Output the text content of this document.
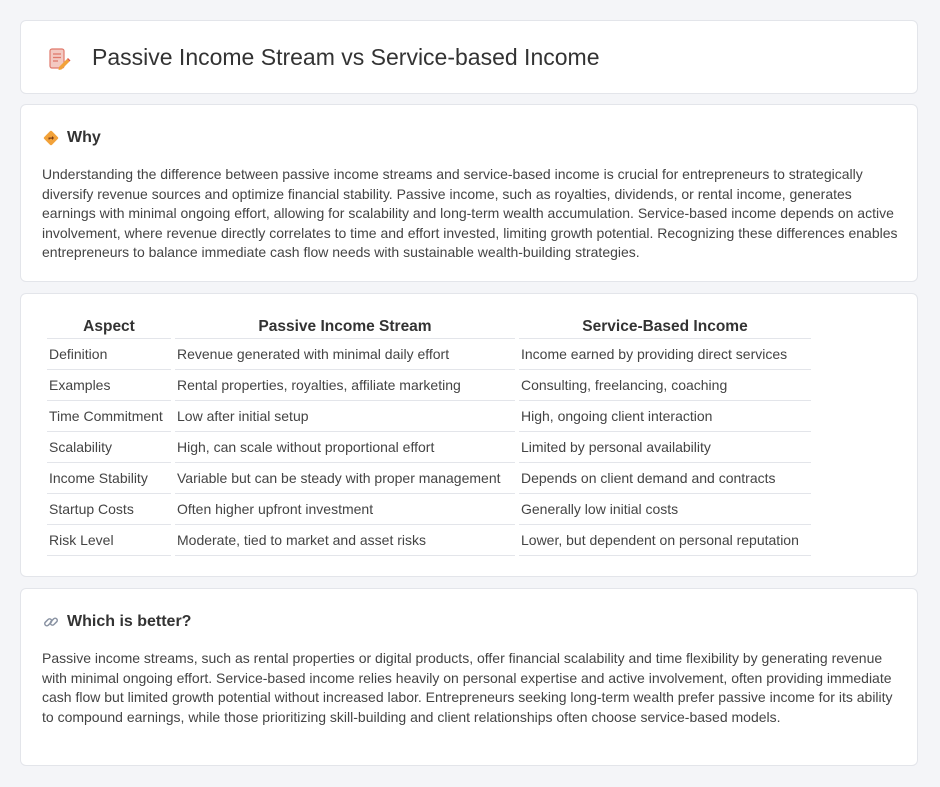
Passive Income Stream vs Service-based Income
Why

Understanding the difference between passive income streams and service-based income is crucial for entrepreneurs to strategically diversify revenue sources and optimize financial stability. Passive income, such as royalties, dividends, or rental income, generates earnings with minimal ongoing effort, allowing for scalability and long-term wealth accumulation. Service-based income depends on active involvement, where revenue directly correlates to time and effort invested, limiting growth potential. Recognizing these differences enables entrepreneurs to balance immediate cash flow needs with sustainable wealth-building strategies.

Aspect	Passive Income Stream	Service-Based Income
Definition	Revenue generated with minimal daily effort	Income earned by providing direct services
Examples	Rental properties, royalties, affiliate marketing	Consulting, freelancing, coaching
Time Commitment	Low after initial setup	High, ongoing client interaction
Scalability	High, can scale without proportional effort	Limited by personal availability
Income Stability	Variable but can be steady with proper management	Depends on client demand and contracts
Startup Costs	Often higher upfront investment	Generally low initial costs
Risk Level	Moderate, tied to market and asset risks	Lower, but dependent on personal reputation
Which is better?

Passive income streams, such as rental properties or digital products, offer financial scalability and time flexibility by generating revenue with minimal ongoing effort. Service-based income relies heavily on personal expertise and active involvement, often providing immediate cash flow but limited growth potential without increased labor. Entrepreneurs seeking long-term wealth prefer passive income for its ability to compound earnings, while those prioritizing skill-building and client relationships often choose service-based models.
